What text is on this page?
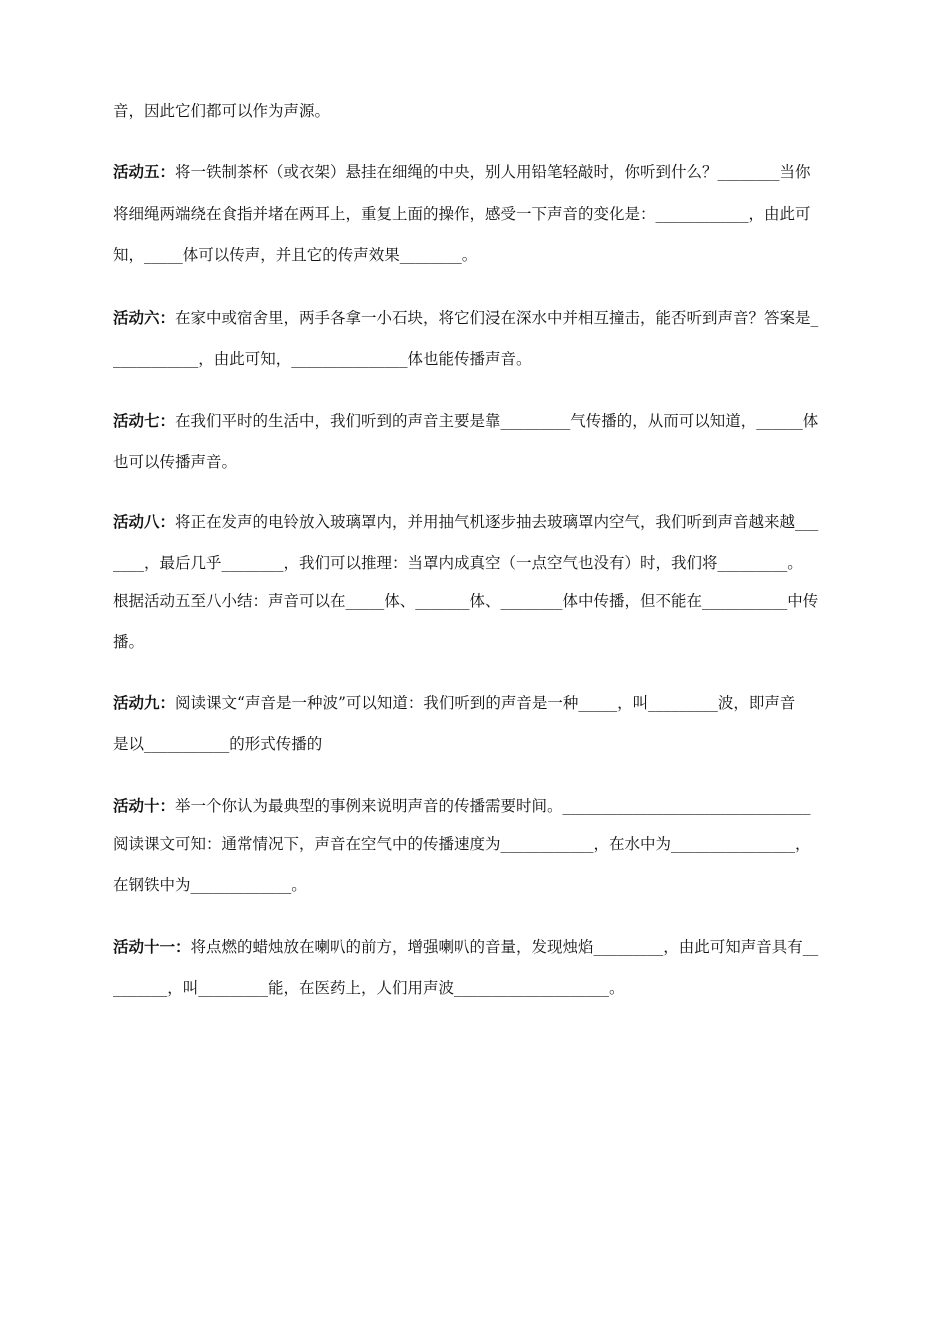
音，因此它们都可以作为声源。
活动五：将一铁制茶杯（或衣架）悬挂在细绳的中央，别人用铅笔轻敲时，你听到什么？________当你
将细绳两端绕在食指并堵在两耳上，重复上面的操作，感受一下声音的变化是：____________，由此可
知，_____体可以传声，并且它的传声效果________。
活动六：在家中或宿舍里，两手各拿一小石块，将它们浸在深水中并相互撞击，能否听到声音？答案是_
___________，由此可知，_______________体也能传播声音。
活动七：在我们平时的生活中，我们听到的声音主要是靠_________气传播的，从而可以知道，______体
也可以传播声音。
活动八：将正在发声的电铃放入玻璃罩内，并用抽气机逐步抽去玻璃罩内空气，我们听到声音越来越___
____，最后几乎________，我们可以推理：当罩内成真空（一点空气也没有）时，我们将_________。
根据活动五至八小结：声音可以在_____体、_______体、________体中传播，但不能在___________中传
播。
活动九：阅读课文“声音是一种波”可以知道：我们听到的声音是一种_____，叫_________波，即声音
是以___________的形式传播的
活动十：举一个你认为最典型的事例来说明声音的传播需要时间。________________________________
阅读课文可知：通常情况下，声音在空气中的传播速度为____________，在水中为________________，
在钢铁中为_____________。
活动十一：将点燃的蜡烛放在喇叭的前方，增强喇叭的音量，发现烛焰_________，由此可知声音具有__
_______，叫_________能，在医药上，人们用声波____________________。
